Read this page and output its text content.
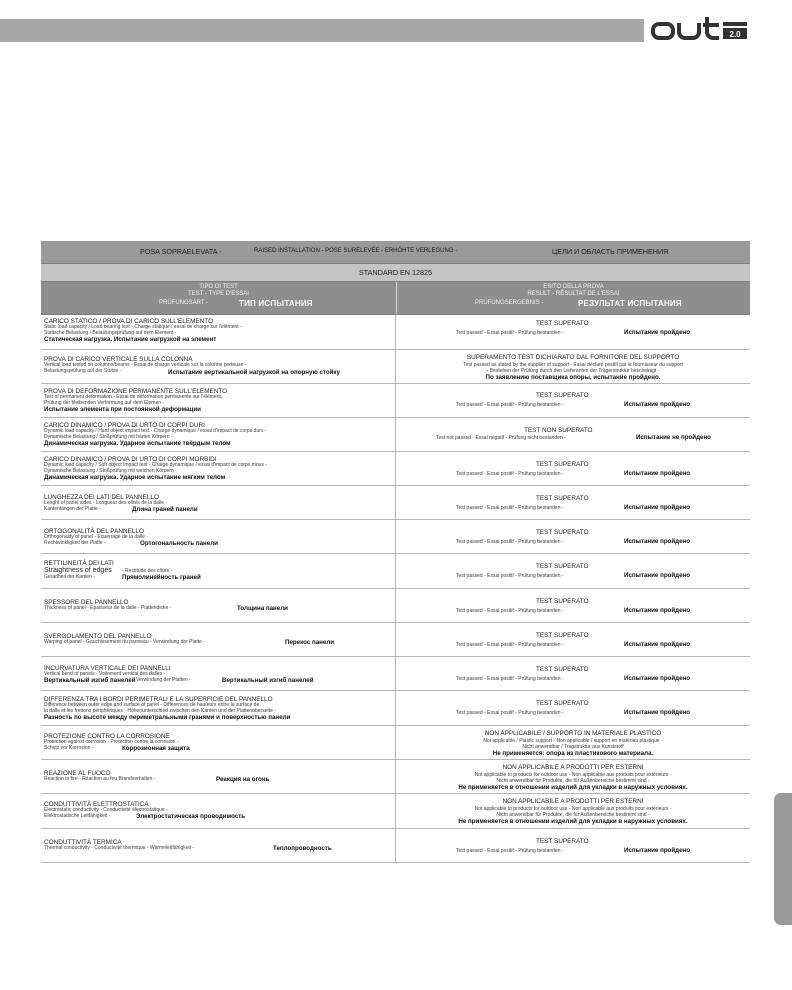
2.0
POSA SOPRAELEVATA -	RAISED INSTALLATION - POSE SURÉLEVÉE - ERHÖHTE VERLEGUNG -	ЦЕЛИ И ОБЛАСТЬ ПРИМЕНЕНИЯ
STANDARD EN 12825
TIPO DI TEST
TEST - TYPE D'ESSAI
PRÜFUNGSART -	ТИП ИСПЫТАНИЯ
ESITO DELLA PROVA
RESULT - RÉSULTAT DE L'ESSAI
PRÜFUNGSERGEBNIS -	РЕЗУЛЬТАТ ИСПЫТАНИЯ
CARICO STATICO / PROVA DI CARICO SULL'ELEMENTO
Static load capacity / Load bearing test - Charge statique / essai de charge sur l'élément -
Statische Belastung / Belastungsprüfung auf dem Element -
Статическая нагрузка. Испытание нагрузкой на элемент
TEST SUPERATO
Test passed - Essai positif - Prüfung bestanden -	Испытание пройдено
PROVA DI CARICO VERTICALE SULLA COLONNA
Vertical load tested on columns/beams - Essai de charge verticale sur la colonne porteuse -
Belastungsprüfung auf der Stütze -	Испытание вертикальной нагрузкой на опорную стойку
SUPERAMENTO TEST DICHIARATO DAL FORNITORE DEL SUPPORTO
Test passed as stated by the supplier of support - Essai déclaré positif par le fournisseur du support
- Bestehen der Prüfung durch den Lieferanten der Trägerstruktur bescheinigt -
По заявлению поставщика опоры, испытание пройдено.
PROVA DI DEFORMAZIONE PERMANENTE SULL'ELEMENTO
Test of permanent deformation - Essai de déformation permanente sur l'élément
Prüfung der bleibenden Verformung auf dem Elemen -
Испытание элемента при постоянной деформации
TEST SUPERATO
Test passed - Essai positif - Prüfung bestanden -	Испытание пройдено
CARICO DINAMICO / PROVA DI URTO DI CORPI DURI
Dynamic load capacity / Hard object impact test - Charge dynamique / essai d'impact de corps durs -
Dynamische Belastung / Stoßprüfung mit harten Körpern -
Динамическая нагрузка. Ударное испытание твёрдым телом
TEST NON SUPERATO
Test not passed - Essai négatif - Prüfung nicht bestanden -	Испытание не пройдено
CARICO DINAMICO / PROVA DI URTO DI CORPI MORBIDI
Dynamic load capacity / Soft object impact test - Charge dynamique / essai d'impact de corps mous -
Dynamische Belastung / Stoßprüfung mit weichen Körpern -
Динамическая нагрузка. Ударное испытание мягким телом
TEST SUPERATO
Test passed - Essai positif - Prüfung bestanden -	Испытание пройдено
LUNGHEZZA DEI LATI DEL PANNELLO
Lenght of panel sides - Longueur des côtés de la dalle -
Kantenlängen der Platte -	Длина граней панели
TEST SUPERATO
Test passed - Essai positif - Prüfung bestanden -	Испытание пройдено
ORTOGONALITÀ DEL PANNELLO
Orthogonality of panel - Equerrage de la dalle -
Rechtwinkligkeit der Platte -	Ортогональность панели
TEST SUPERATO
Test passed - Essai positif - Prüfung bestanden -	Испытание пройдено
RETTILINEITÀ DEI LATI
Straightness of edges - Rectitude des côtés -
Geradheit der Kanten -	Прямолинейность граней
TEST SUPERATO
Test passed - Essai positif - Prüfung bestanden -	Испытание пройдено
SPESSORE DEL PANNELLO
Thickness of panel - Epaisseur de la dalle - Plattendicke -	Толщина панели
TEST SUPERATO
Test passed - Essai positif - Prüfung bestanden -	Испытание пройдено
SVERGOLAMENTO DEL PANNELLO
Warping of panel - Gauchissement du panneau - Verwindung der Platte -	Перекос панели
TEST SUPERATO
Test passed - Essai positif - Prüfung bestanden -	Испытание пройдено
INCURVATURA VERTICALE DEI PANNELLI
Vertical bend of panels - Voilement vertical des dalles -
Вертикальный изгиб панелей Verwindung der Platten -	Вертикальный изгиб панелей
TEST SUPERATO
Test passed - Essai positif - Prüfung bestanden -	Испытание пройдено
DIFFERENZA TRA I BORDI PERIMETRALI E LA SUPERFICIE DEL PANNELLO
Difference between outer edge and surface of panel - Différences de hauteurs entre la surface de
la dalle et les frettons périphériques - Höhenunterschied zwischen den Kanten und der Plattenoberseite -
Разность по высоте между периметральными гранями и поверхностью панели
TEST SUPERATO
Test passed - Essai positif - Prüfung bestanden -	Испытание пройдено
PROTEZIONE CONTRO LA CORROSIONE
Protection against corrosion - Protection contre la corrosion -
Schutz vor Korrosion -	Коррозионная защита
NON APPLICABILE / SUPPORTO IN MATERIALE PLASTICO
Not applicable / Plastic support - Non applicable / support en matériau plastique -
Nicht anwendbar / Tragstruktur aus Kunststoff
Не применяется: опора из пластикового материала.
REAZIONE AL FUOCO
Reaction to fire - Réaction au feu Brandverhalten -	Реакция на огонь
NON APPLICABILE A PRODOTTI PER ESTERNI
Not applicable to products for outdoor use - Non applicable aux produits pour extérieurs -
Nicht anwendbar für Produkte, die für Außenbereiche bestimmt sind -
Не применяется в отношении изделий для укладки в наружных условиях.
CONDUTTIVITÀ ELETTROSTATICA
Electrostatic conductivity - Conductivité électrostatique -
Elektrostatische Leitfähigkeit -	Электростатическая проводимость
NON APPLICABILE A PRODOTTI PER ESTERNI
Not applicable to products for outdoor use - Non applicable aux produits pour extérieurs -
Nicht anwendbar für Produkte, die für Außenbereiche bestimmt sind -
Не применяется в отношении изделий для укладки в наружных условиях.
CONDUTTIVITÀ TERMICA
Thermal conductivity - Conductivité thermique - Wärmeleitfähigkeit -	Теплопроводность
TEST SUPERATO
Test passed - Essai positif - Prüfung bestanden -	Испытание пройдено
